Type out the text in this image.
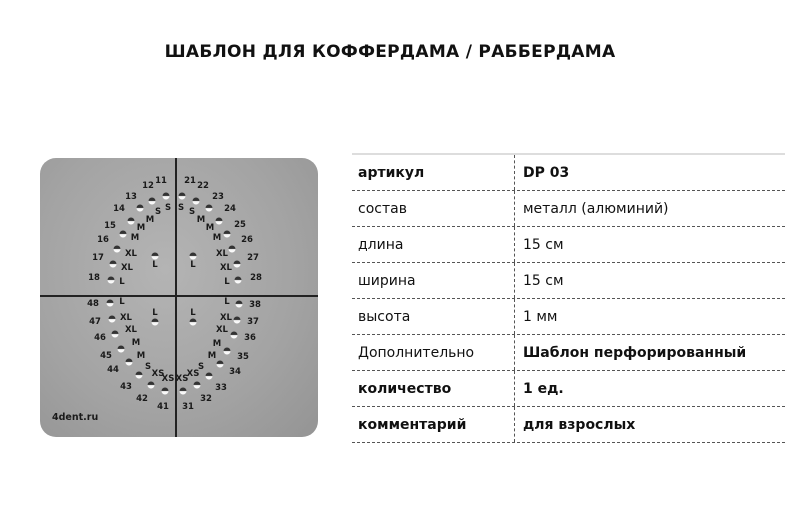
ШАБЛОН ДЛЯ КОФФЕРДАМА / РАББЕРДАМА
11
12
13
14
15
16
17
18
21 22
23
24
25
26
27
28
48
47
46
45
44
43
42
41
38
37
36
35
34
33
32
31
S
S
M
M
M
XL
XL
L
L
S S
M
M
M
XL
XL
L
L
L
XL
XL
M
M
S
XS
XS
L
L
XL
XL
M
M
S
XS
XS
L
4dent.ru
артикул	DP 03
состав	металл (алюминий)
длина	15 см
ширина	15 см
высота	1 мм
Дополнительно	Шаблон перфорированный
количество	1 ед.
комментарий	для взрослых
